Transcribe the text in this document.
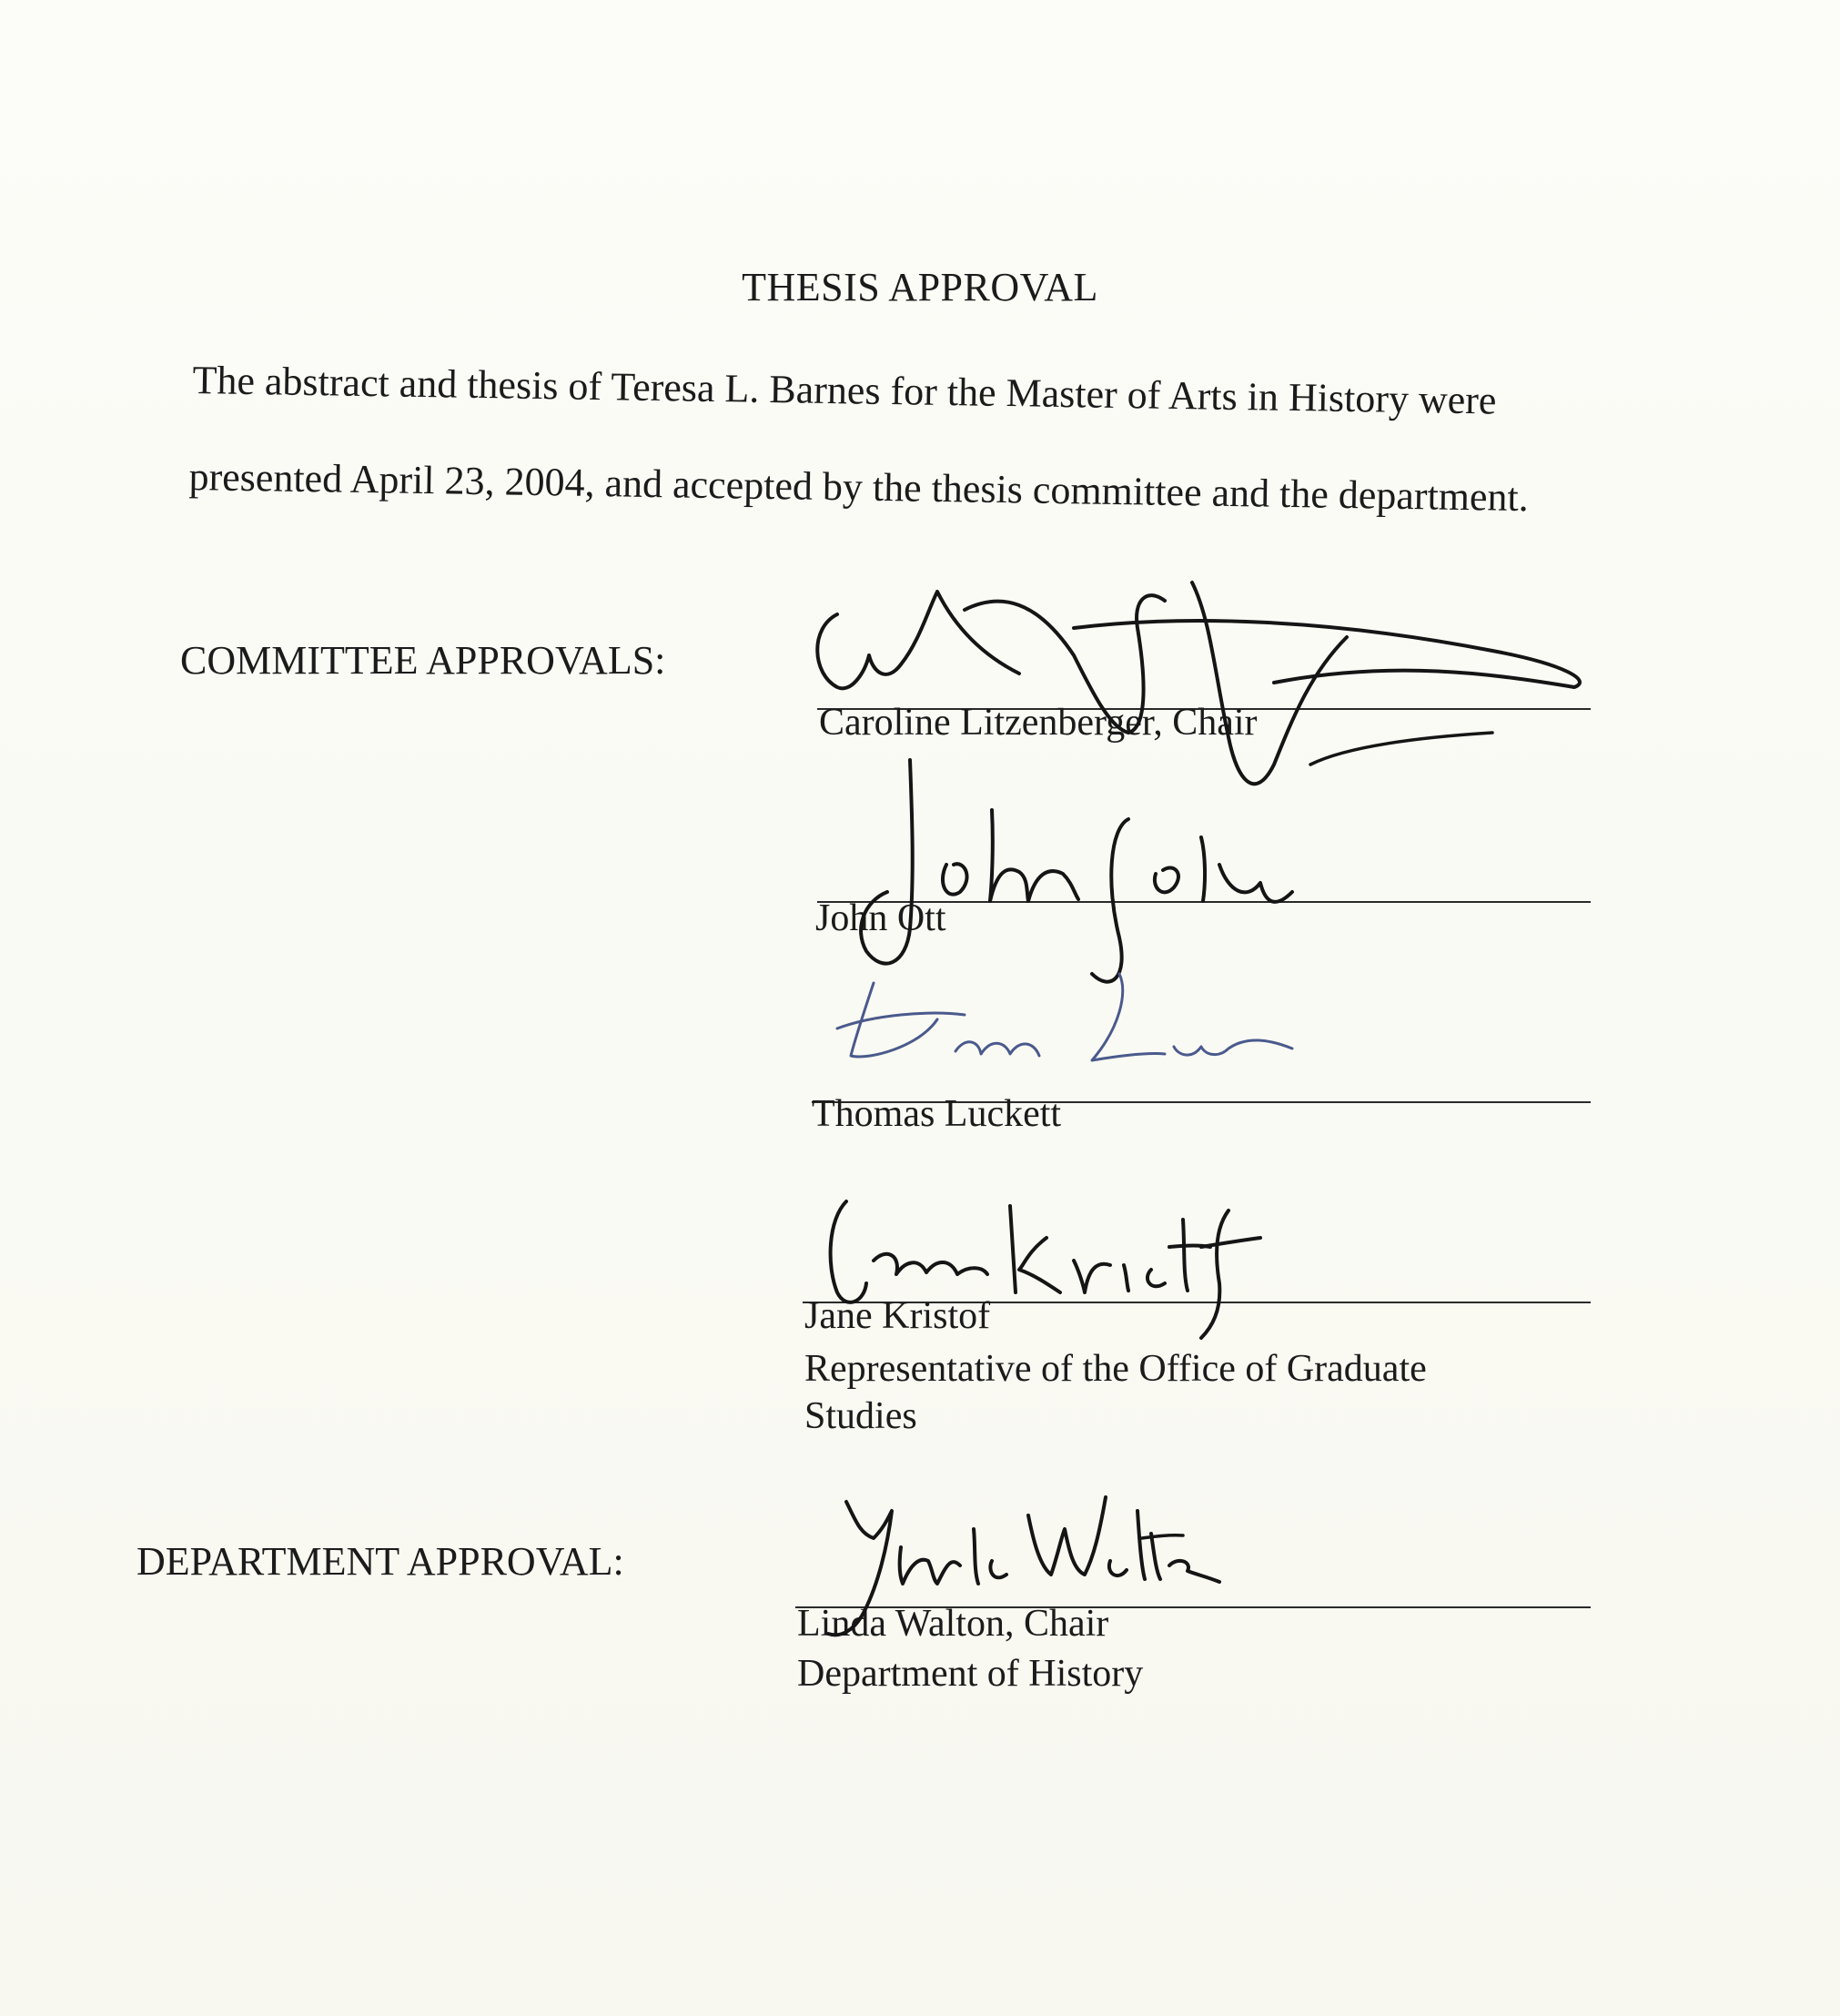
THESIS APPROVAL
The abstract and thesis of Teresa L. Barnes for the Master of Arts in History were
presented April 23, 2004, and accepted by the thesis committee and the department.
COMMITTEE APPROVALS:
Caroline Litzenberger, Chair
John Ott
Thomas Luckett
Jane Kristof
Representative of the Office of Graduate
Studies
DEPARTMENT APPROVAL:
Linda Walton, Chair
Department of History
